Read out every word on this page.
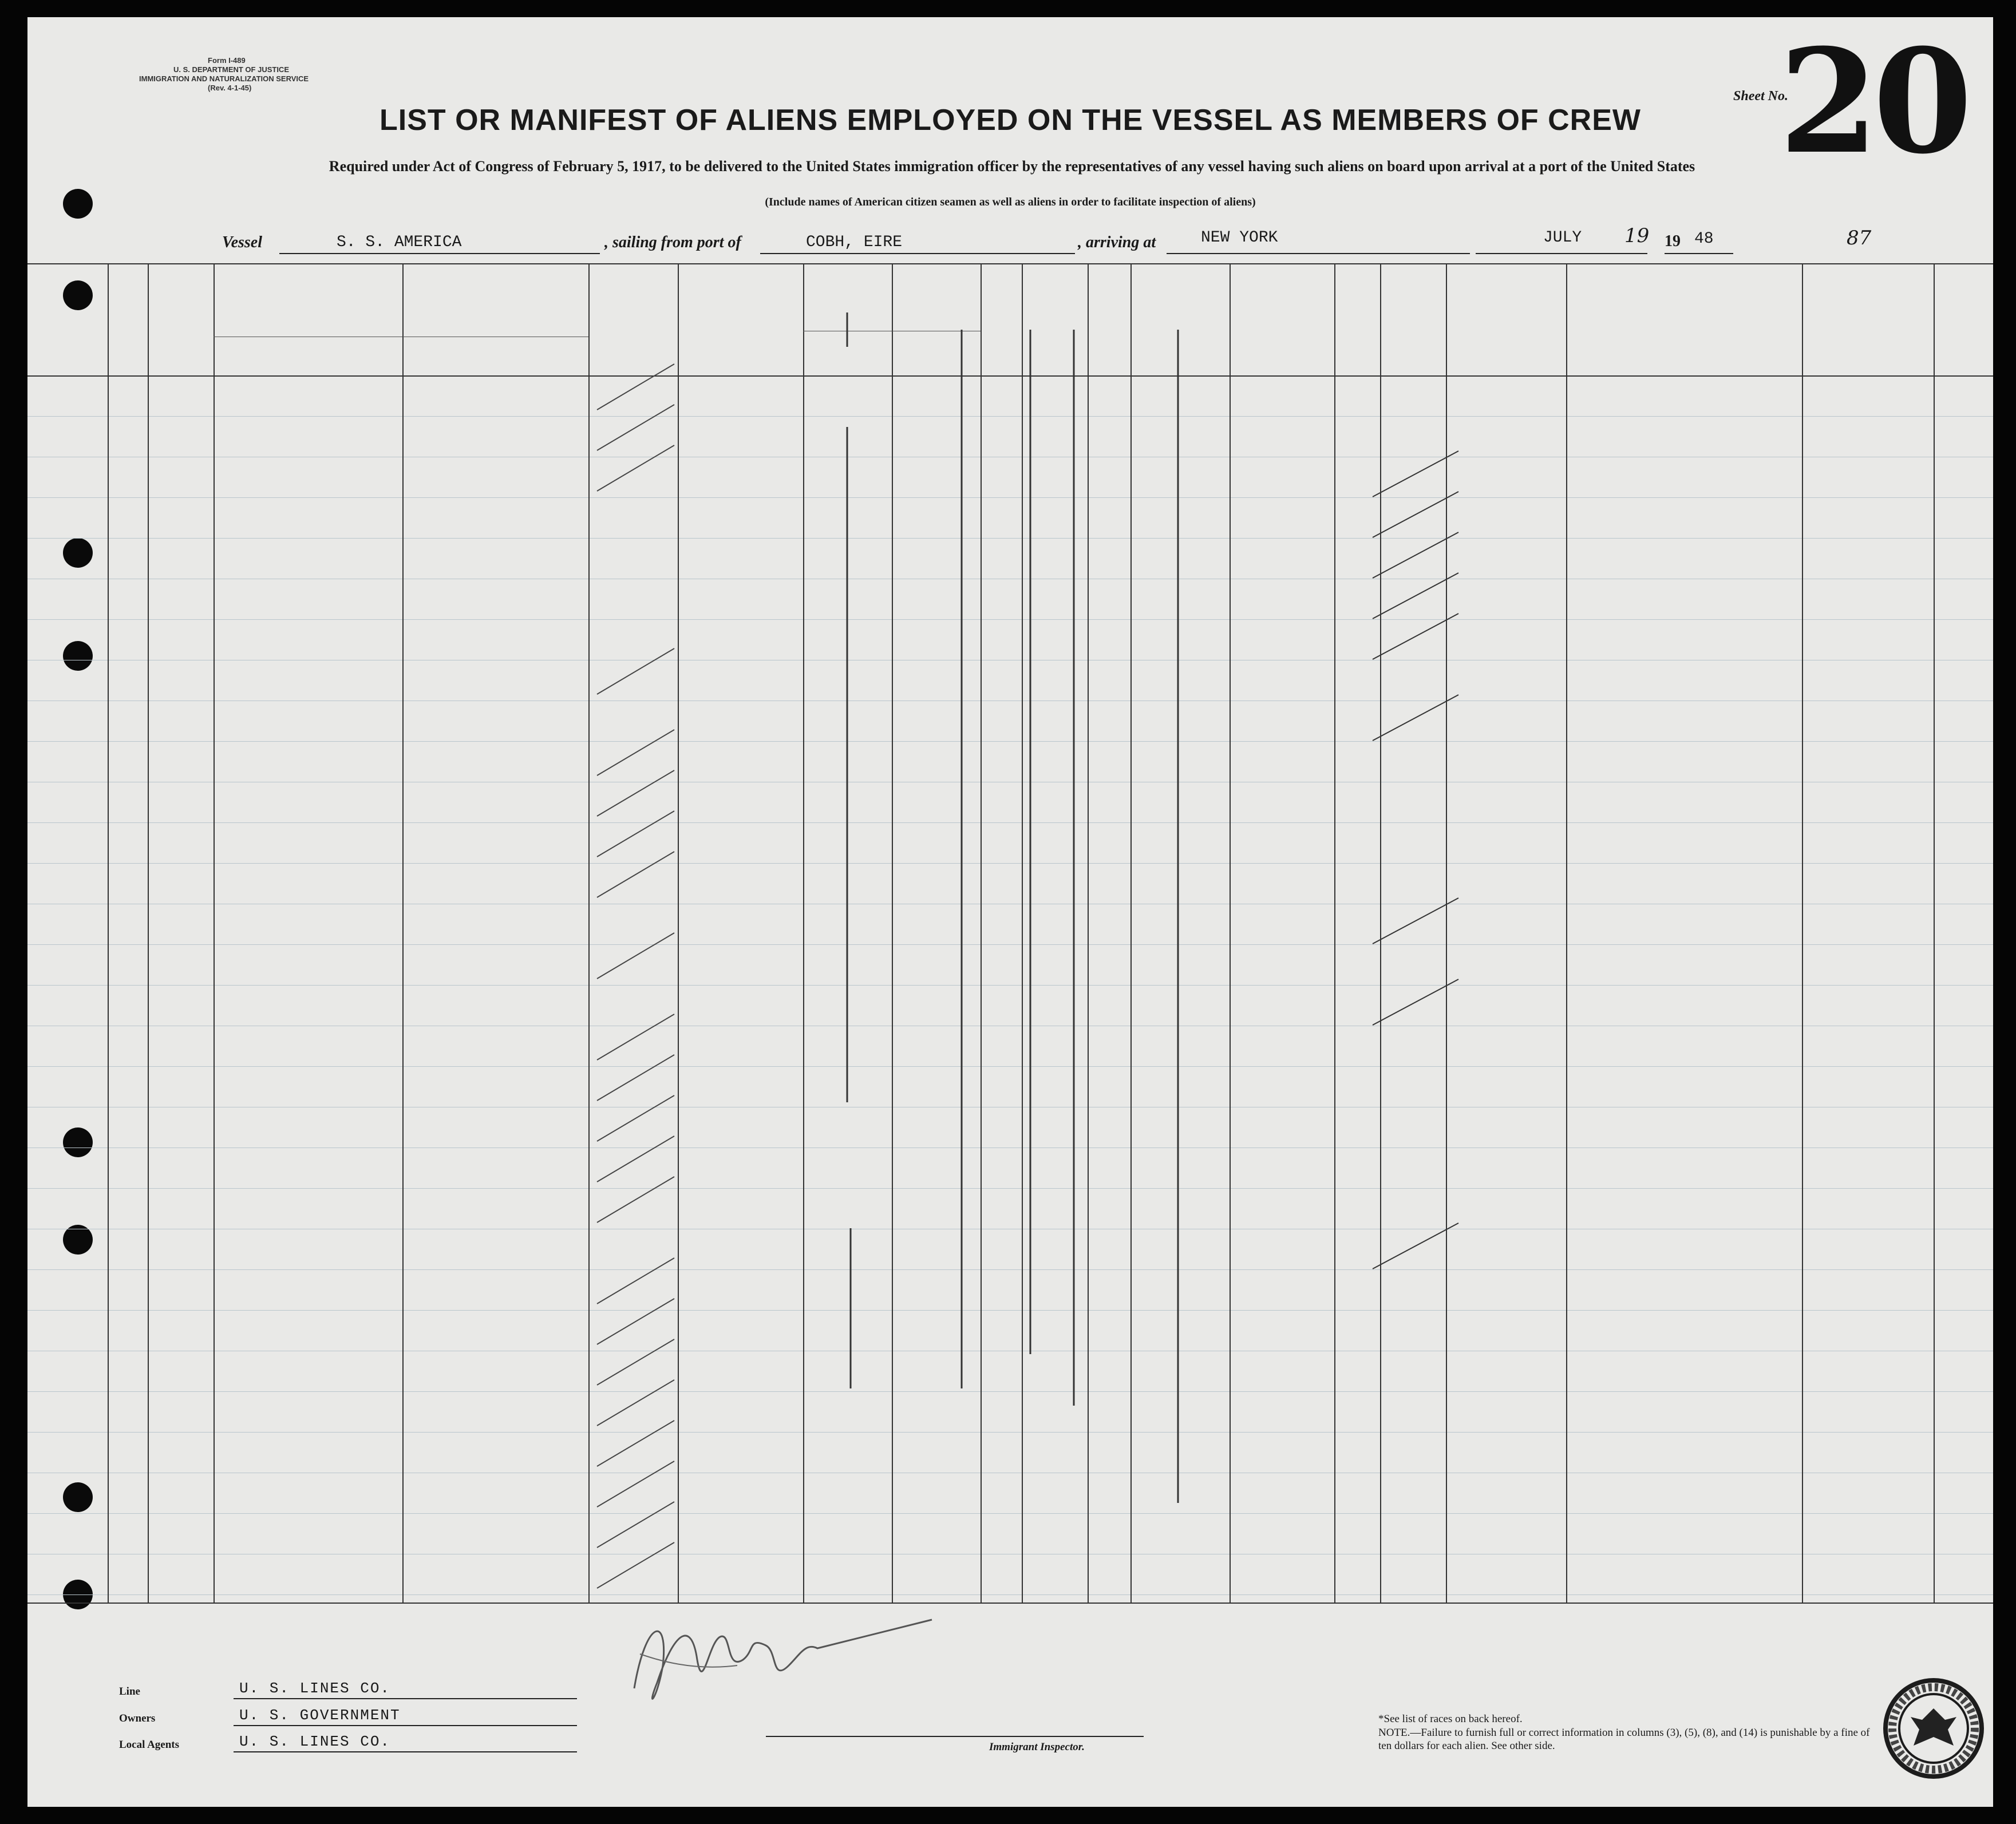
Form I-489
U. S. DEPARTMENT OF JUSTICE
IMMIGRATION AND NATURALIZATION SERVICE
(Rev. 4-1-45)
Sheet No.
20
LIST OR MANIFEST OF ALIENS EMPLOYED ON THE VESSEL AS MEMBERS OF CREW
Required under Act of Congress of February 5, 1917, to be delivered to the United States immigration officer by the representatives of any vessel having such aliens on board upon arrival at a port of the United States
(Include names of American citizen seamen as well as aliens in order to facilitate inspection of aliens)
Vessel	S. S. AMERICA	, sailing from port of	COBH, EIRE	, arriving at	NEW YORK	JULY 19 19 48	87
Line	U. S. LINES CO.
Owners	U. S. GOVERNMENT
Local Agents	U. S. LINES CO.	Immigrant Inspector.
*See list of races on back hereof.
NOTE.—Failure to furnish full or correct information in columns (3), (5), (8), and (14) is punishable by a fine of ten dollars for each alien. See other side.
